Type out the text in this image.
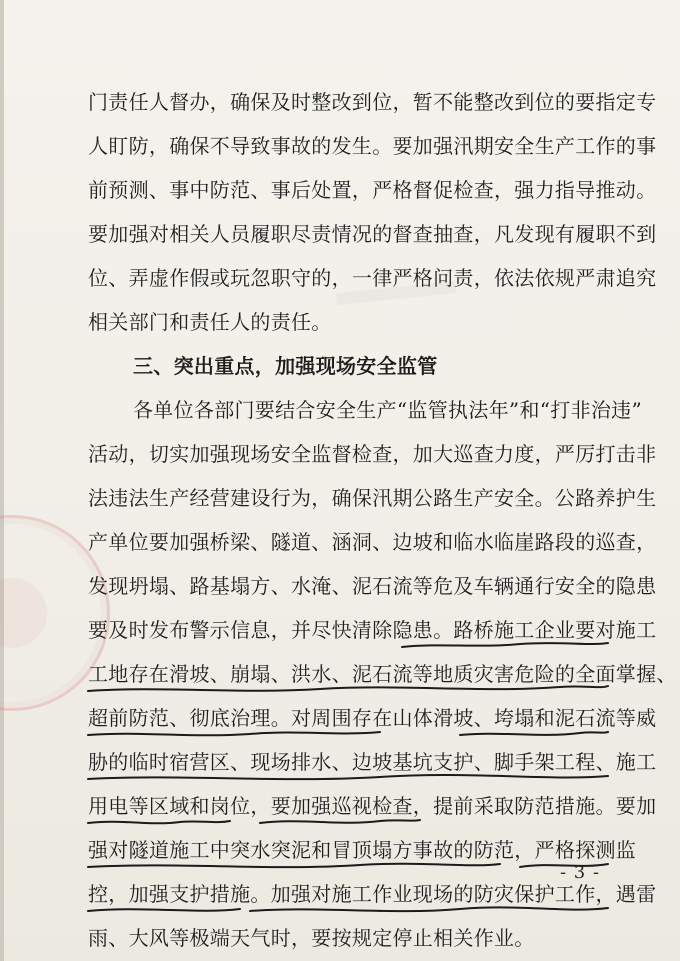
门责任人督办，确保及时整改到位，暂不能整改到位的要指定专
人盯防，确保不导致事故的发生。要加强汛期安全生产工作的事
前预测、事中防范、事后处置，严格督促检查，强力指导推动。
要加强对相关人员履职尽责情况的督查抽查，凡发现有履职不到
位、弄虚作假或玩忽职守的，一律严格问责，依法依规严肃追究
相关部门和责任人的责任。
三、突出重点，加强现场安全监管
各单位各部门要结合安全生产“监管执法年”和“打非治违”
活动，切实加强现场安全监督检查，加大巡查力度，严厉打击非
法违法生产经营建设行为，确保汛期公路生产安全。公路养护生
产单位要加强桥梁、隧道、涵洞、边坡和临水临崖路段的巡查，
发现坍塌、路基塌方、水淹、泥石流等危及车辆通行安全的隐患
要及时发布警示信息，并尽快清除隐患。路桥施工企业要对施工
工地存在滑坡、崩塌、洪水、泥石流等地质灾害危险的全面掌握、
超前防范、彻底治理。对周围存在山体滑坡、垮塌和泥石流等威
胁的临时宿营区、现场排水、边坡基坑支护、脚手架工程、施工
用电等区域和岗位，要加强巡视检查，提前采取防范措施。要加
强对隧道施工中突水突泥和冒顶塌方事故的防范，严格探测监
控，加强支护措施。加强对施工作业现场的防灾保护工作，遇雷
雨、大风等极端天气时，要按规定停止相关作业。
- 3 -
